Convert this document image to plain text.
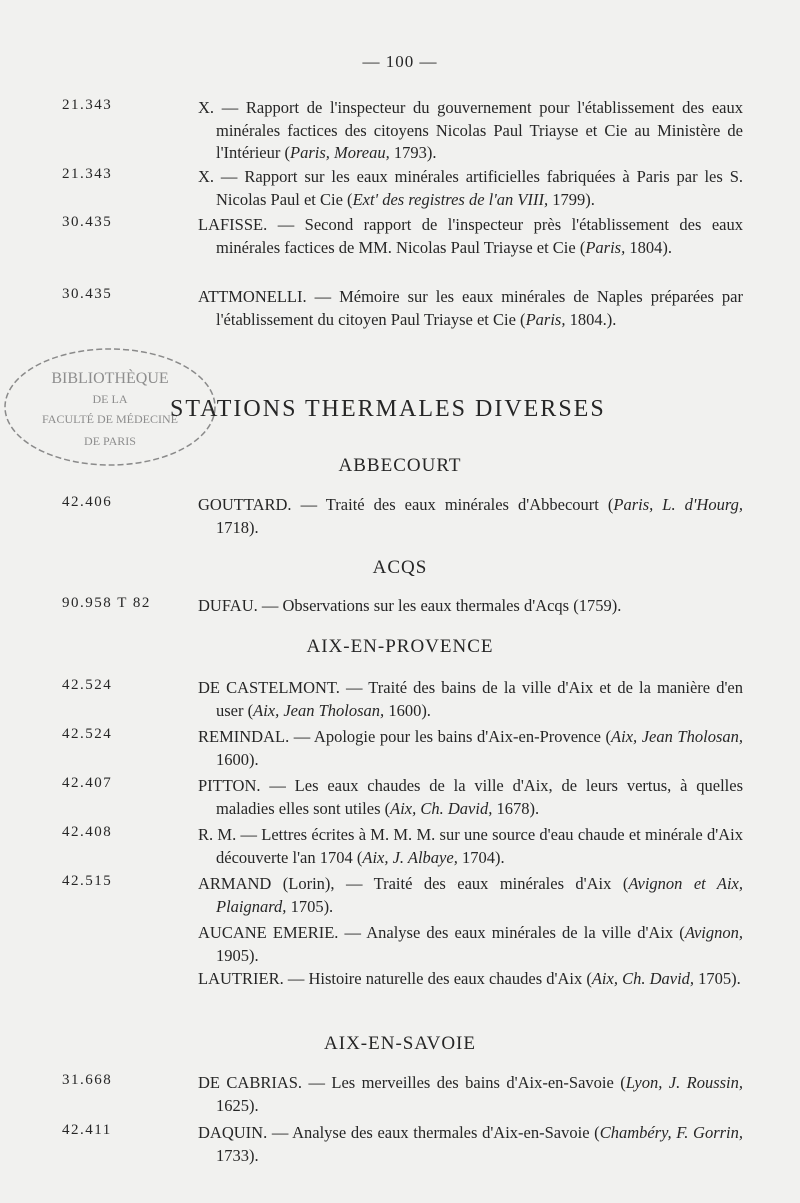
— 100 —
21.343	X. — Rapport de l'inspecteur du gouvernement pour l'établissement des eaux minérales factices des citoyens Nicolas Paul Triayse et Cie au Ministère de l'Intérieur (Paris, Moreau, 1793).
21.343	X. — Rapport sur les eaux minérales artificielles fabriquées à Paris par les S. Nicolas Paul et Cie (Ext' des registres de l'an VIII, 1799).
30.435	LAFISSE. — Second rapport de l'inspecteur près l'établissement des eaux minérales factices de MM. Nicolas Paul Triayse et Cie (Paris, 1804).
30.435	ATTMONELLI. — Mémoire sur les eaux minérales de Naples préparées par l'établissement du citoyen Paul Triayse et Cie (Paris, 1804.).
BIBLIOTHÈQUE
DE LA
FACULTÉ DE MÉDECINE
DE PARIS
STATIONS THERMALES DIVERSES
ABBECOURT
42.406	GOUTTARD. — Traité des eaux minérales d'Abbecourt (Paris, L. d'Hourg, 1718).
ACQS
90.958 T 82	DUFAU. — Observations sur les eaux thermales d'Acqs (1759).
AIX-EN-PROVENCE
42.524	DE CASTELMONT. — Traité des bains de la ville d'Aix et de la manière d'en user (Aix, Jean Tholosan, 1600).
42.524	REMINDAL. — Apologie pour les bains d'Aix-en-Provence (Aix, Jean Tholosan, 1600).
42.407	PITTON. — Les eaux chaudes de la ville d'Aix, de leurs vertus, à quelles maladies elles sont utiles (Aix, Ch. David, 1678).
42.408	R. M. — Lettres écrites à M. M. M. sur une source d'eau chaude et minérale d'Aix découverte l'an 1704 (Aix, J. Albaye, 1704).
42.515	ARMAND (Lorin), — Traité des eaux minérales d'Aix (Avignon et Aix, Plaignard, 1705).
AUCANE EMERIE. — Analyse des eaux minérales de la ville d'Aix (Avignon, 1905).
LAUTRIER. — Histoire naturelle des eaux chaudes d'Aix (Aix, Ch. David, 1705).
AIX-EN-SAVOIE
31.668	DE CABRIAS. — Les merveilles des bains d'Aix-en-Savoie (Lyon, J. Roussin, 1625).
42.411	DAQUIN. — Analyse des eaux thermales d'Aix-en-Savoie (Chambéry, F. Gorrin, 1733).
